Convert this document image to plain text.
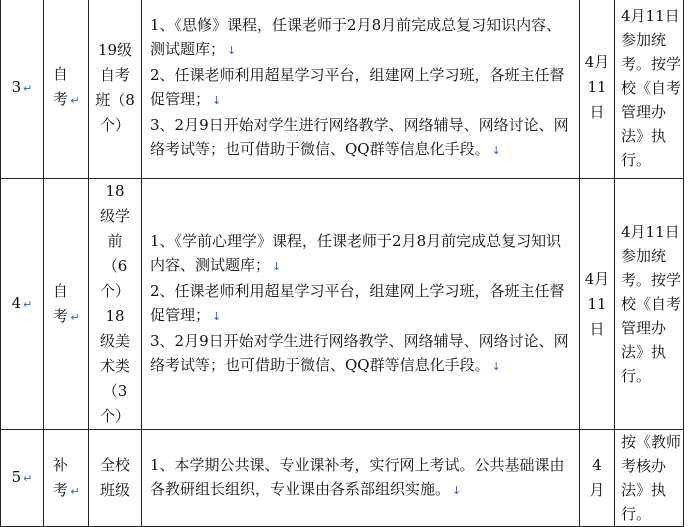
3 ↵	自考 ↵	19级自考班（8个）	1、《思修》课程，任课老师于2月8月前完成总复习知识内容、测试题库； ↓
2、任课老师利用超星学习平台，组建网上学习班，各班主任督促管理； ↓
3、2月9日开始对学生进行网络教学、网络辅导、网络讨论、网络考试等；也可借助于微信、QQ群等信息化手段。 ↓	4月11日	4月11日参加统考。按学校《自考管理办法》执行。
4 ↵	自考 ↵	18级学前（6个）18级美术类（3个）	1、《学前心理学》课程，任课老师于2月8月前完成总复习知识内容、测试题库； ↓
2、任课老师利用超星学习平台，组建网上学习班，各班主任督促管理； ↓
3、2月9日开始对学生进行网络教学、网络辅导、网络讨论、网络考试等；也可借助于微信、QQ群等信息化手段。 ↓	4月11日	4月11日参加统考。按学校《自考管理办法》执行。
5 ↵	补考 ↵	全校班级	1、本学期公共课、专业课补考，实行网上考试。公共基础课由各教研组长组织，专业课由各系部组织实施。 ↓	4月	按《教师考核办法》执行。
